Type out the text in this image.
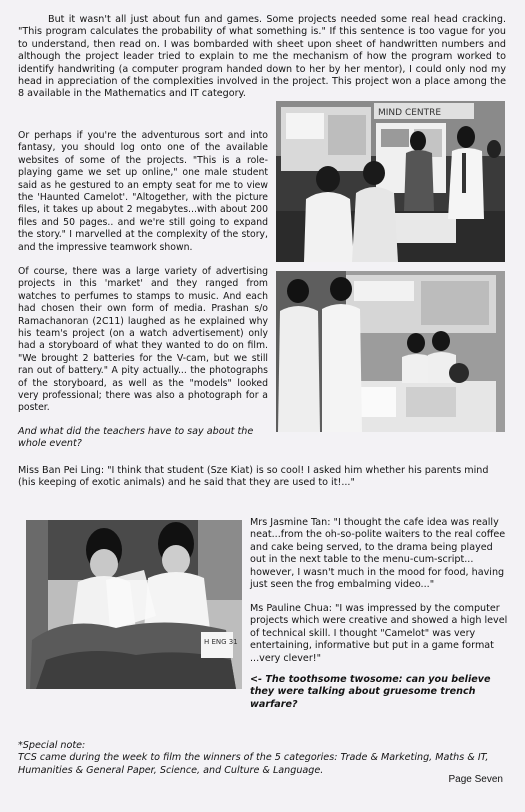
But it wasn't all just about fun and games. Some projects needed some real head cracking. "This program calculates the probability of what something is." If this sentence is too vague for you to understand, then read on. I was bombarded with sheet upon sheet of handwritten numbers and although the project leader tried to explain to me the mechanism of how the program worked to identify handwriting (a computer program handed down to her by her mentor), I could only nod my head in appreciation of the complexities involved in the project. This project won a place among the 8 available in the Mathematics and IT category.

Or perhaps if you're the adventurous sort and into fantasy, you should log onto one of the available websites of some of the projects. "This is a role-playing game we set up online," one male student said as he gestured to an empty seat for me to view the 'Haunted Camelot'. "Altogether, with the picture files, it takes up about 2 megabytes...with about 200 files and 50 pages.. and we're still going to expand the story." I marvelled at the complexity of the story, and the impressive teamwork shown.

Of course, there was a large variety of advertising projects in this 'market' and they ranged from watches to perfumes to stamps to music. And each had chosen their own form of media. Prashan s/o Ramachanoran (2C11) laughed as he explained why his team's project (on a watch advertisement) only had a storyboard of what they wanted to do on film. "We brought 2 batteries for the V-cam, but we still ran out of battery." A pity actually... the photographs of the storyboard, as well as the "models" looked very professional; there was also a photograph for a poster.

And what did the teachers have to say about the whole event?

Miss Ban Pei Ling: "I think that student (Sze Kiat) is so cool! I asked him whether his parents mind (his keeping of exotic animals) and he said that they are used to it!..."

Mrs Jasmine Tan: "I thought the cafe idea was really neat...from the oh-so-polite waiters to the real coffee and cake being served, to the drama being played out in the next table to the menu-cum-script... however, I wasn't much in the mood for food, having just seen the frog embalming video..."

Ms Pauline Chua: "I was impressed by the computer projects which were creative and showed a high level of technical skill. I thought "Camelot" was very entertaining, informative but put in a game format ...very clever!"

<- The toothsome twosome: can you believe they were talking about gruesome trench warfare?

*Special note:

TCS came during the week to film the winners of the 5 categories: Trade & Marketing, Maths & IT, Humanities & General Paper, Science, and Culture & Language.

Page Seven
MIND CENTRE
H ENG 31
